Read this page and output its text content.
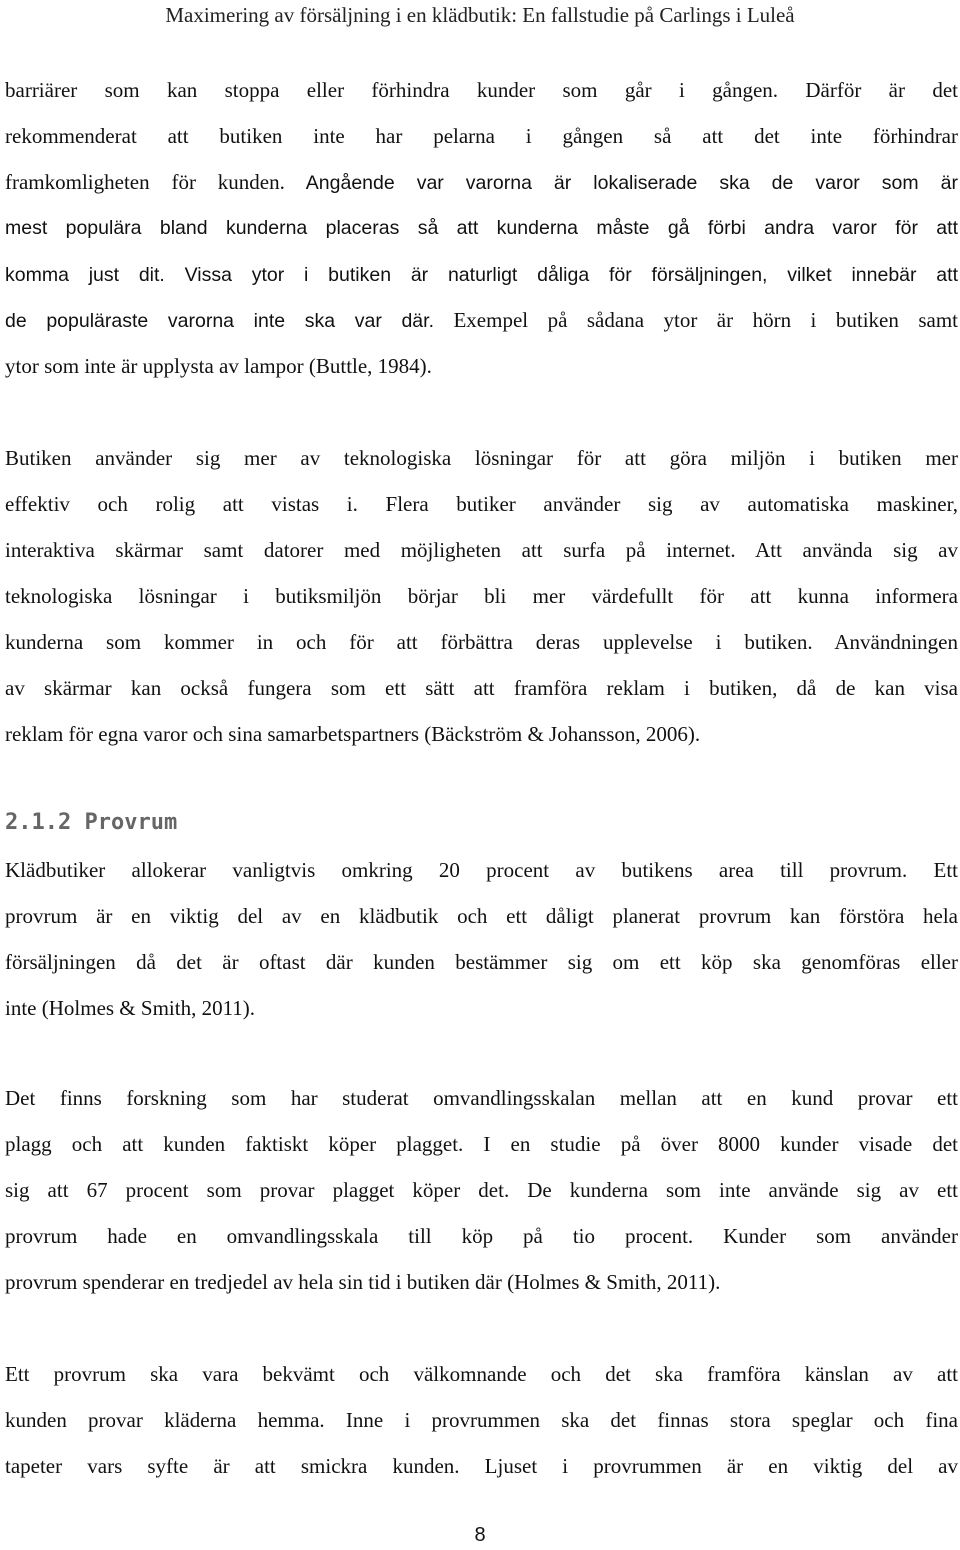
Maximering av försäljning i en klädbutik: En fallstudie på Carlings i Luleå
barriärer som kan stoppa eller förhindra kunder som går i gången. Därför är det
rekommenderat att butiken inte har pelarna i gången så att det inte förhindrar
framkomligheten för kunden. Angående var varorna är lokaliserade ska de varor som är
mest populära bland kunderna placeras så att kunderna måste gå förbi andra varor för att
komma just dit. Vissa ytor i butiken är naturligt dåliga för försäljningen, vilket innebär att
de populäraste varorna inte ska var där. Exempel på sådana ytor är hörn i butiken samt
ytor som inte är upplysta av lampor (Buttle, 1984).
Butiken använder sig mer av teknologiska lösningar för att göra miljön i butiken mer
effektiv och rolig att vistas i. Flera butiker använder sig av automatiska maskiner,
interaktiva skärmar samt datorer med möjligheten att surfa på internet. Att använda sig av
teknologiska lösningar i butiksmiljön börjar bli mer värdefullt för att kunna informera
kunderna som kommer in och för att förbättra deras upplevelse i butiken. Användningen
av skärmar kan också fungera som ett sätt att framföra reklam i butiken, då de kan visa
reklam för egna varor och sina samarbetspartners (Bäckström & Johansson, 2006).
2.1.2 Provrum
Klädbutiker allokerar vanligtvis omkring 20 procent av butikens area till provrum. Ett
provrum är en viktig del av en klädbutik och ett dåligt planerat provrum kan förstöra hela
försäljningen då det är oftast där kunden bestämmer sig om ett köp ska genomföras eller
inte (Holmes & Smith, 2011).
Det finns forskning som har studerat omvandlingsskalan mellan att en kund provar ett
plagg och att kunden faktiskt köper plagget. I en studie på över 8000 kunder visade det
sig att 67 procent som provar plagget köper det. De kunderna som inte använde sig av ett
provrum hade en omvandlingsskala till köp på tio procent. Kunder som använder
provrum spenderar en tredjedel av hela sin tid i butiken där (Holmes & Smith, 2011).
Ett provrum ska vara bekvämt och välkomnande och det ska framföra känslan av att
kunden provar kläderna hemma. Inne i provrummen ska det finnas stora speglar och fina
tapeter vars syfte är att smickra kunden. Ljuset i provrummen är en viktig del av
8
